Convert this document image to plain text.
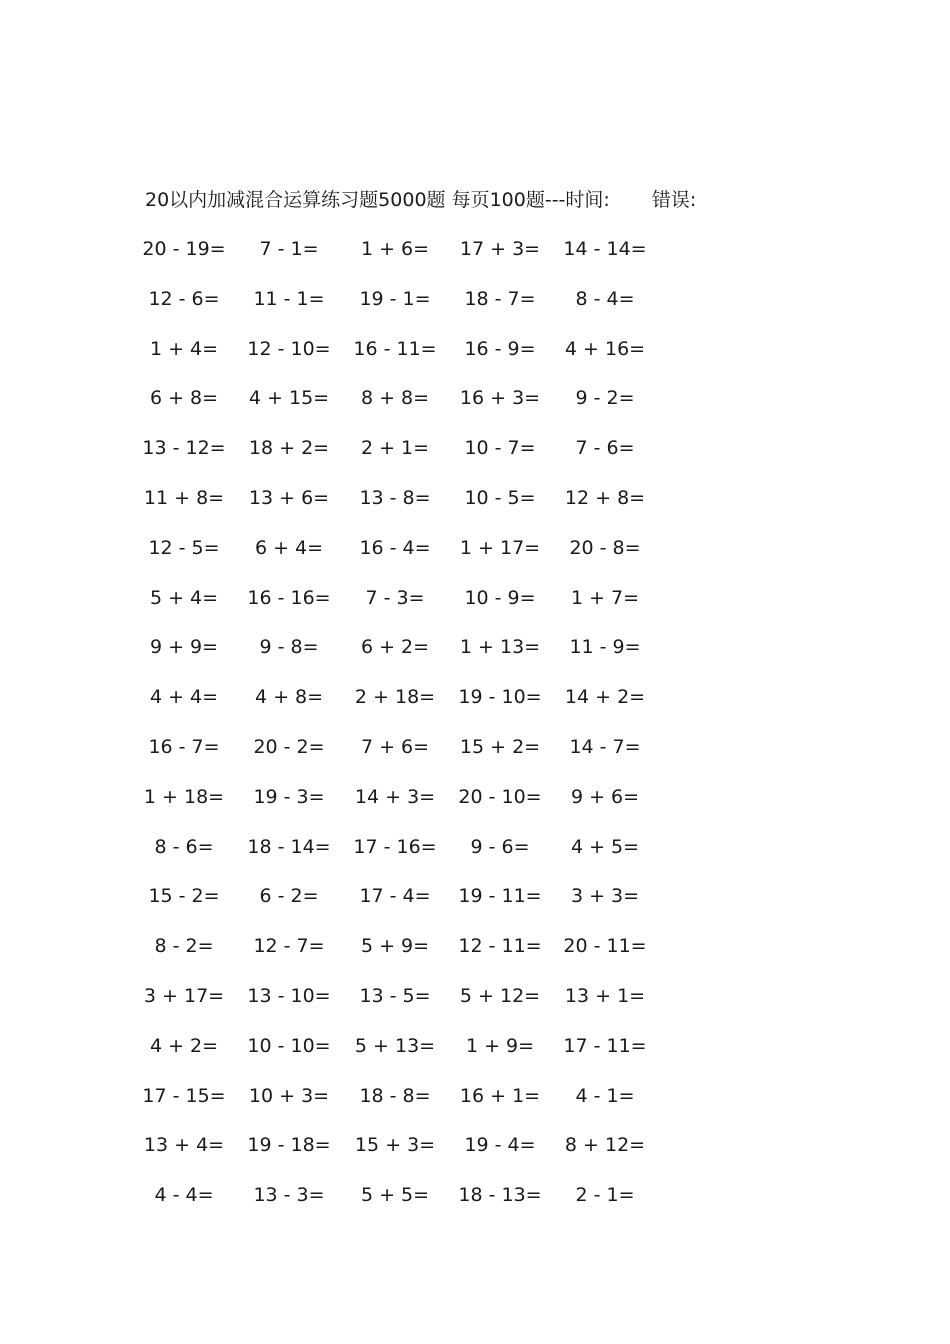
20以内加减混合运算练习题5000题 每页100题---时间: 错误:
20 - 19=	7 - 1=	1 + 6=	17 + 3=	14 - 14=
12 - 6=	11 - 1=	19 - 1=	18 - 7=	8 - 4=
1 + 4=	12 - 10=	16 - 11=	16 - 9=	4 + 16=
6 + 8=	4 + 15=	8 + 8=	16 + 3=	9 - 2=
13 - 12=	18 + 2=	2 + 1=	10 - 7=	7 - 6=
11 + 8=	13 + 6=	13 - 8=	10 - 5=	12 + 8=
12 - 5=	6 + 4=	16 - 4=	1 + 17=	20 - 8=
5 + 4=	16 - 16=	7 - 3=	10 - 9=	1 + 7=
9 + 9=	9 - 8=	6 + 2=	1 + 13=	11 - 9=
4 + 4=	4 + 8=	2 + 18=	19 - 10=	14 + 2=
16 - 7=	20 - 2=	7 + 6=	15 + 2=	14 - 7=
1 + 18=	19 - 3=	14 + 3=	20 - 10=	9 + 6=
8 - 6=	18 - 14=	17 - 16=	9 - 6=	4 + 5=
15 - 2=	6 - 2=	17 - 4=	19 - 11=	3 + 3=
8 - 2=	12 - 7=	5 + 9=	12 - 11=	20 - 11=
3 + 17=	13 - 10=	13 - 5=	5 + 12=	13 + 1=
4 + 2=	10 - 10=	5 + 13=	1 + 9=	17 - 11=
17 - 15=	10 + 3=	18 - 8=	16 + 1=	4 - 1=
13 + 4=	19 - 18=	15 + 3=	19 - 4=	8 + 12=
4 - 4=	13 - 3=	5 + 5=	18 - 13=	2 - 1=
